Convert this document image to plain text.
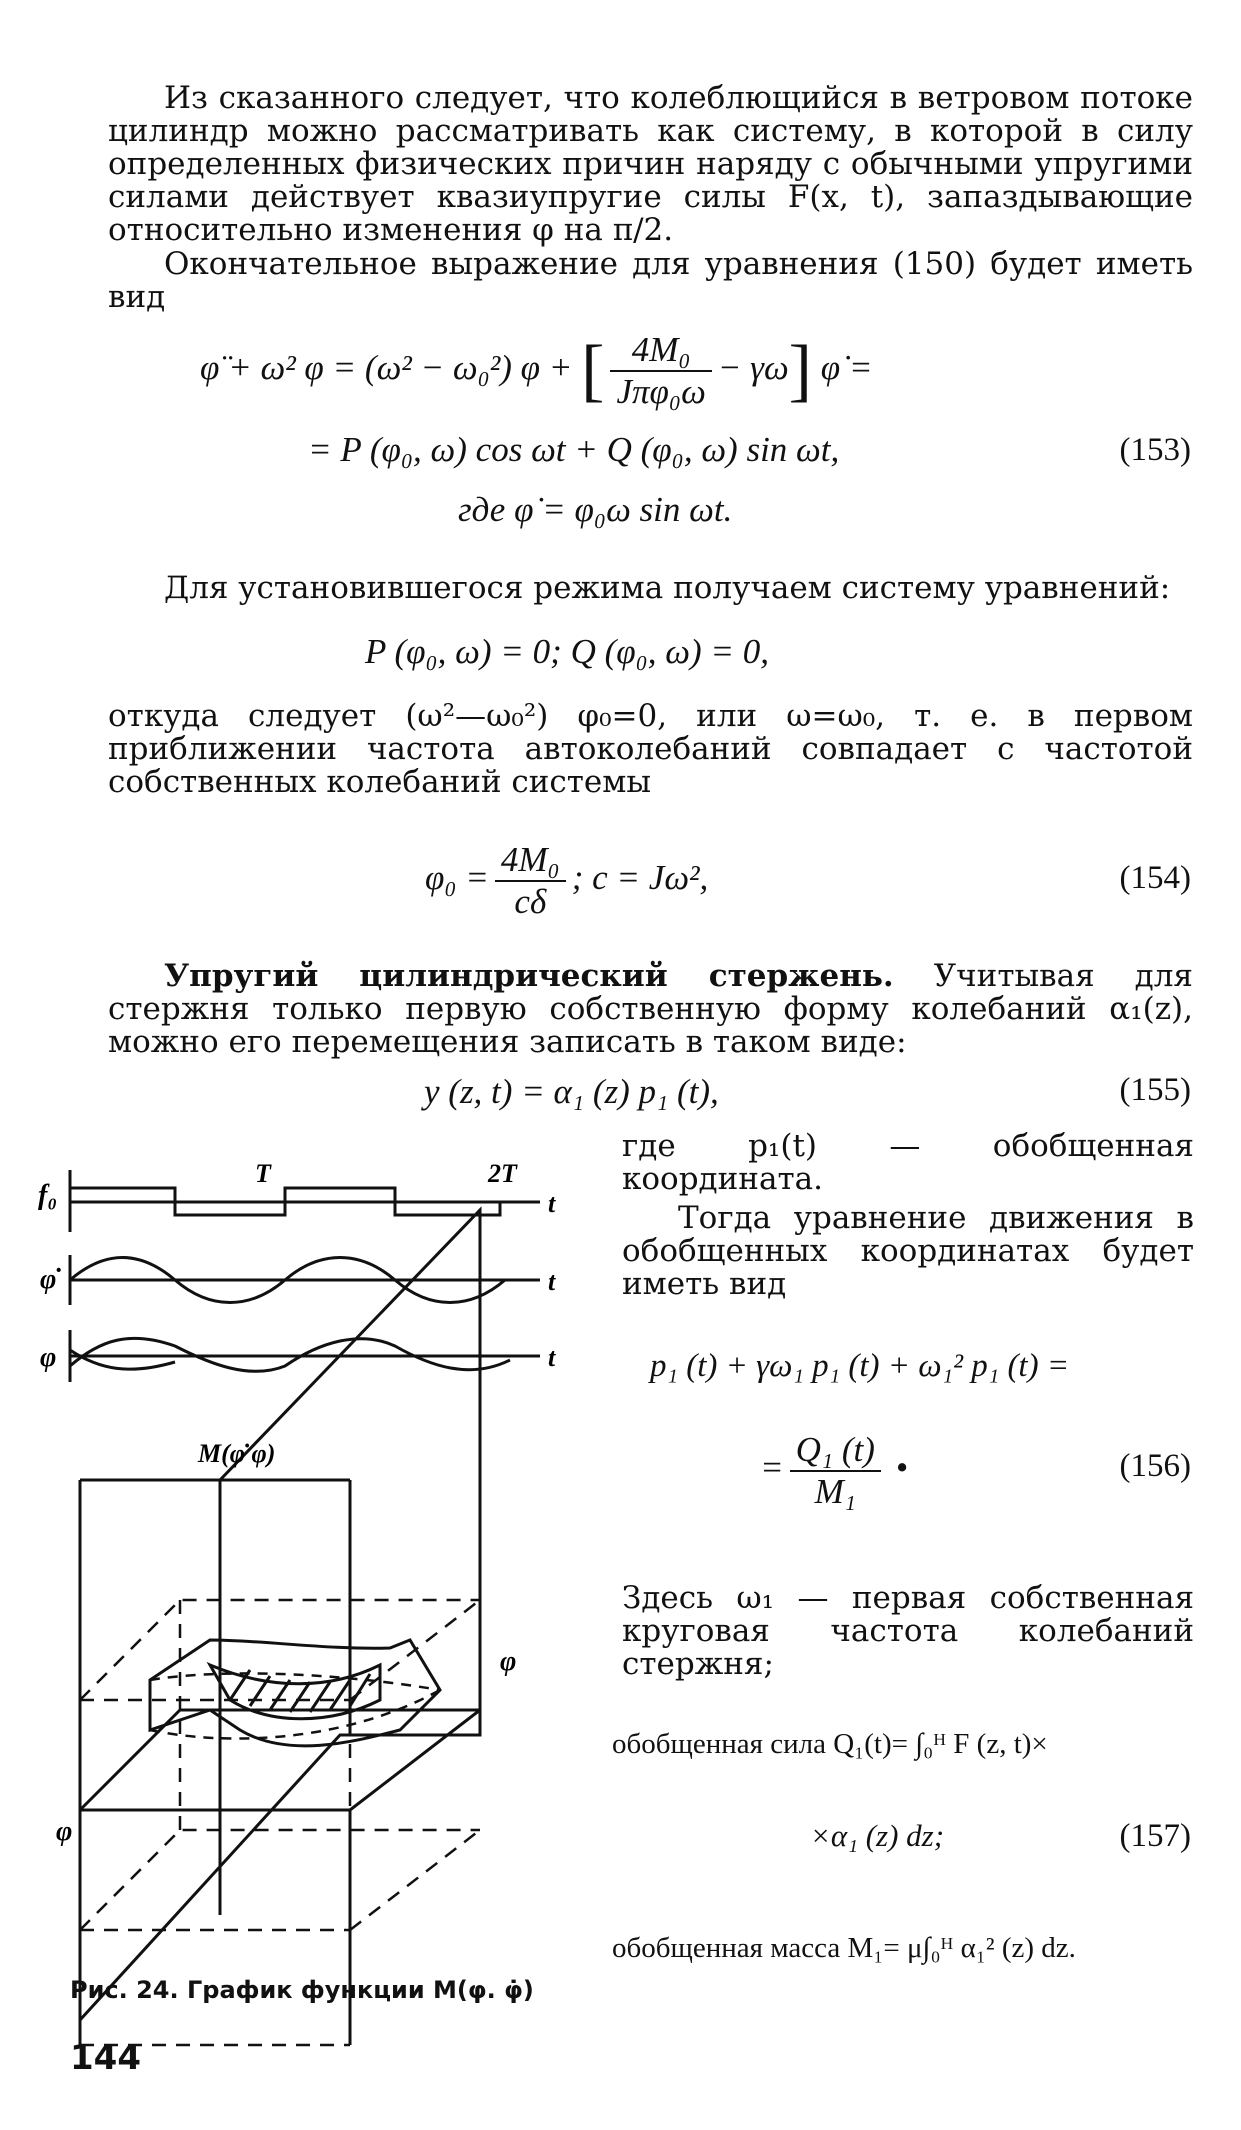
Из сказанного следует, что колеблющийся в ветровом потоке цилиндр можно рассматривать как систему, в которой в силу определенных физических причин наряду с обычными упругими силами действует квазиупругие силы F(x, t), запаздывающие относительно изменения φ на π/2.
Окончательное выражение для уравнения (150) будет иметь вид
φ̈ + ω² φ = (ω² − ω₀²) φ + [ $\frac{\text{4M₀}}{\text{Jπφ₀ω}} - \gamma\omega$] φ̇ =
= P (φ₀, ω) cos ωt + Q (φ₀, ω) sin ωt,	(153)
где φ̇ = φ₀ω sin ωt.
Для установившегося режима получаем систему уравнений:
P (φ₀, ω) = 0; Q (φ₀, ω) = 0,
откуда следует (ω²—ω₀²) φ₀=0, или ω=ω₀, т. е. в первом приближении частота автоколебаний совпадает с частотой собственных колебаний системы
$\varphi_0 = \frac{\text{4M₀}}{c\delta}$ ; c = Jω²,	(154)
Упругий цилиндрический стержень. Учитывая для стержня только первую собственную форму колебаний α₁(z), можно его перемещения записать в таком виде:
y (z, t) = α₁ (z) p₁ (t),	(155)
где p₁(t) — обобщенная координата.
Тогда уравнение движения в обобщенных координатах будет иметь вид
p₁ (t) + γω₁ p₁ (t) + ω₁² p₁ (t) =
= $\frac{\text{Q₁ (t)}}{\text{M₁}}$ •	(156)
Здесь ω₁ — первая собственная круговая частота колебаний стержня;
обобщенная сила Q₁(t)= ∫₀ᴴ F (z, t)×
×α₁ (z) dz;	(157)
обобщенная масса M₁= μ∫₀ᴴ α₁² (z) dz.
f₀
T	2T
t
φ̇	t
φ	t
M(φ̇ φ)
φ
φ
Рис. 24. График функции M(φ. φ̇)
144
